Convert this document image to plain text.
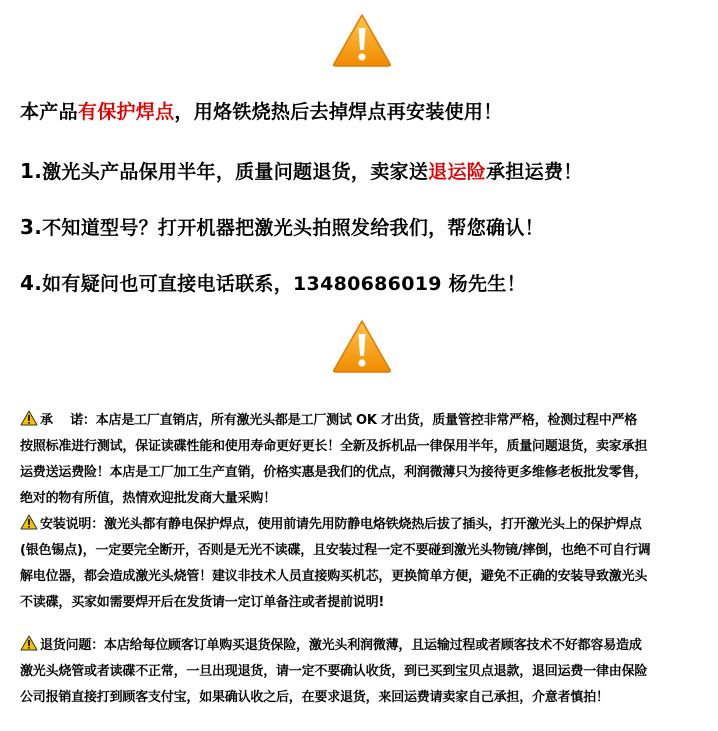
本产品有保护焊点，用烙铁烧热后去掉焊点再安装使用！
1.激光头产品保用半年，质量问题退货，卖家送退运险承担运费！
3.不知道型号？打开机器把激光头拍照发给我们，帮您确认！
4.如有疑问也可直接电话联系，13480686019 杨先生！

承    诺：本店是工厂直销店，所有激光头都是工厂测试 OK 才出货，质量管控非常严格，检测过程中严格

按照标准进行测试，保证读碟性能和使用寿命更好更长！全新及拆机品一律保用半年，质量问题退货，卖家承担

运费送运费险！本店是工厂加工生产直销，价格实惠是我们的优点，利润微薄只为接待更多维修老板批发零售，

绝对的物有所值，热情欢迎批发商大量采购！

安装说明：激光头都有静电保护焊点，使用前请先用防静电烙铁烧热后拔了插头，打开激光头上的保护焊点

(银色锡点)，一定要完全断开，否则是无光不读碟，且安装过程一定不要碰到激光头物镜/摔倒，也绝不可自行调

解电位器，都会造成激光头烧管！建议非技术人员直接购买机芯，更换简单方便，避免不正确的安装导致激光头

不读碟，买家如需要焊开后在发货请一定订单备注或者提前说明!

退货问题：本店给每位顾客订单购买退货保险，激光头利润微薄，且运输过程或者顾客技术不好都容易造成

激光头烧管或者读碟不正常，一旦出现退货，请一定不要确认收货，到已买到宝贝点退款，退回运费一律由保险

公司报销直接打到顾客支付宝，如果确认收之后，在要求退货，来回运费请卖家自己承担，介意者慎拍！
